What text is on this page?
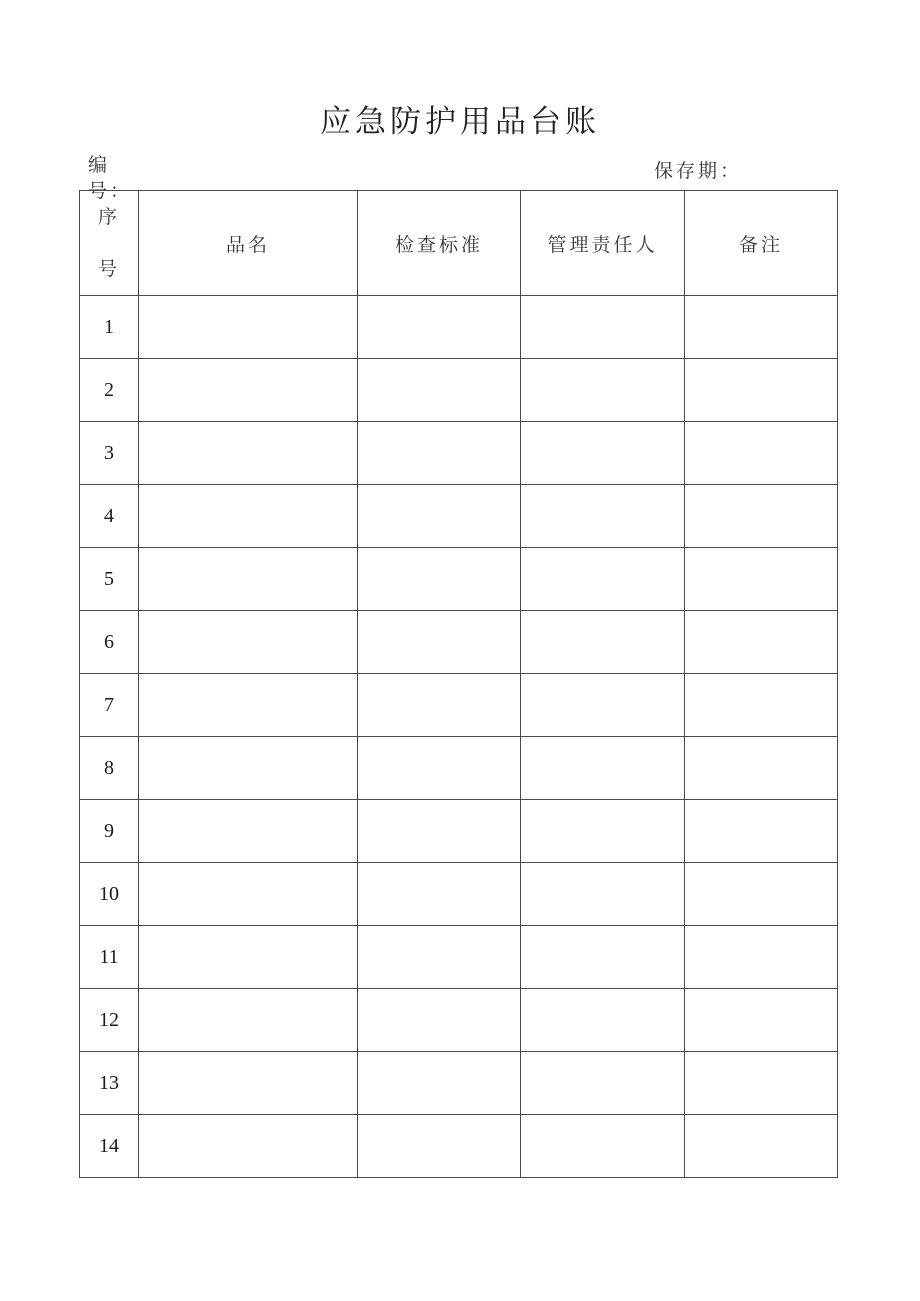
应急防护用品台账
编号：
保存期：
序号	品名	检查标准	管理责任人	备注
1				
2				
3				
4				
5				
6				
7				
8				
9				
10				
11				
12				
13				
14				
